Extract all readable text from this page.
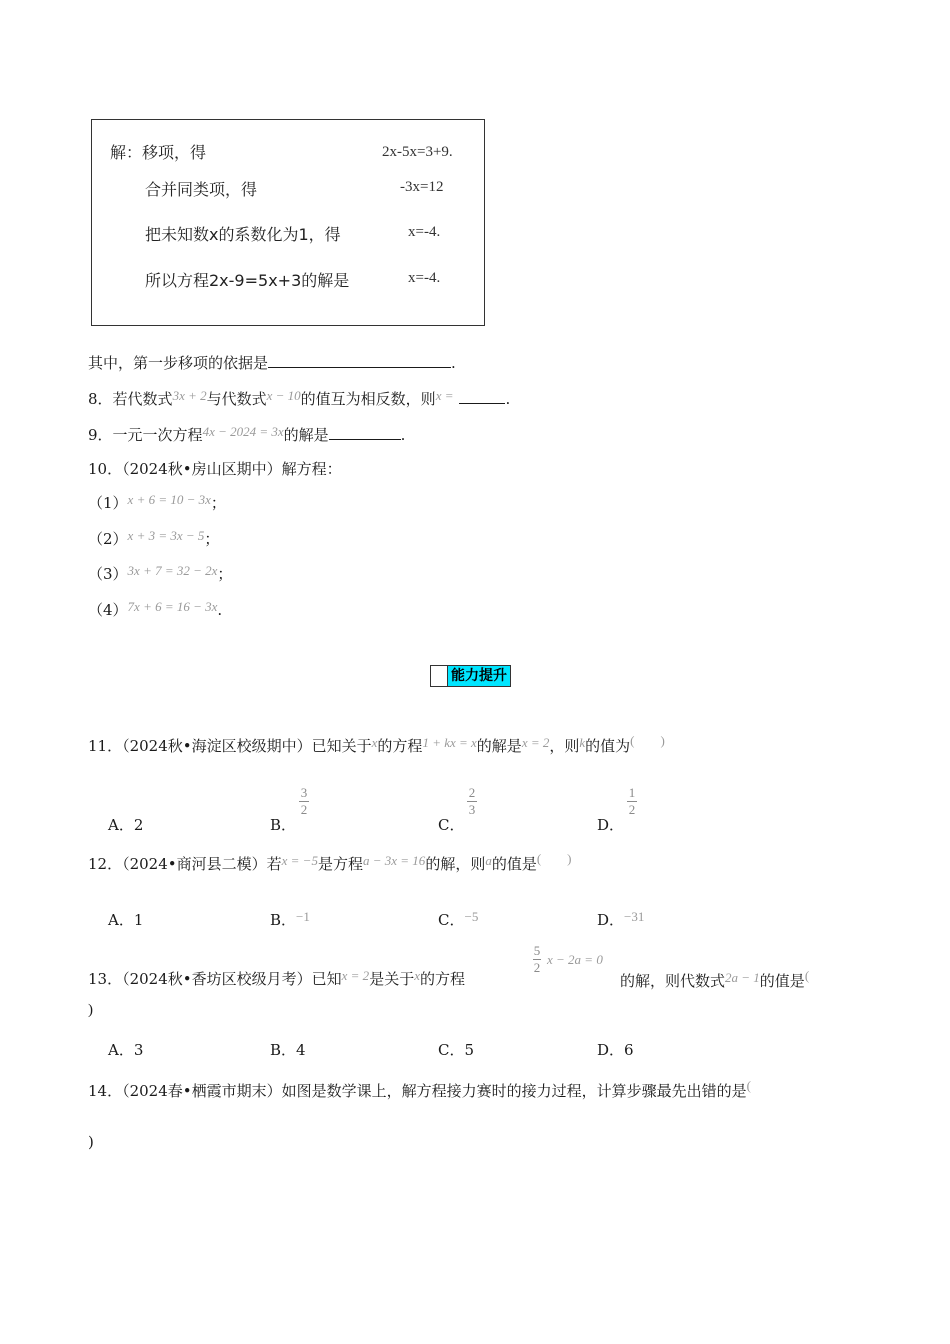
解：移项，得	2x-5x=3+9.
合并同类项，得	-3x=12
把未知数x的系数化为1，得	x=-4.
所以方程2x-9=5x+3的解是	x=-4.
其中，第一步移项的依据是	.
8．若代数式3x + 2与代数式x − 10的值互为相反数，则x =	.
9．一元一次方程4x − 2024 = 3x的解是	.
10．（2024秋•房山区期中）解方程：
（1）x + 6 = 10 − 3x；
（2）x + 3 = 3x − 5；
（3）3x + 7 = 32 − 2x；
（4）7x + 6 = 16 − 3x.
能力提升
11．（2024秋•海淀区校级期中）已知关于x的方程1 + kx = x的解是x = 2，则k的值为(        )
A．2	B．
3
2
C．
2
3
D．
1
2
12．（2024•商河县二模）若x = −5是方程a − 3x = 16的解，则a的值是(        )
A．1	B．−1	C．−5	D．−31
13．（2024秋•香坊区校级月考）已知x = 2是关于x的方程
5
2
x − 2a = 0
的解，则代数式2a − 1的值是(
)
A．3	B．4	C．5	D．6
14．（2024春•栖霞市期末）如图是数学课上，解方程接力赛时的接力过程，计算步骤最先出错的是(
)
